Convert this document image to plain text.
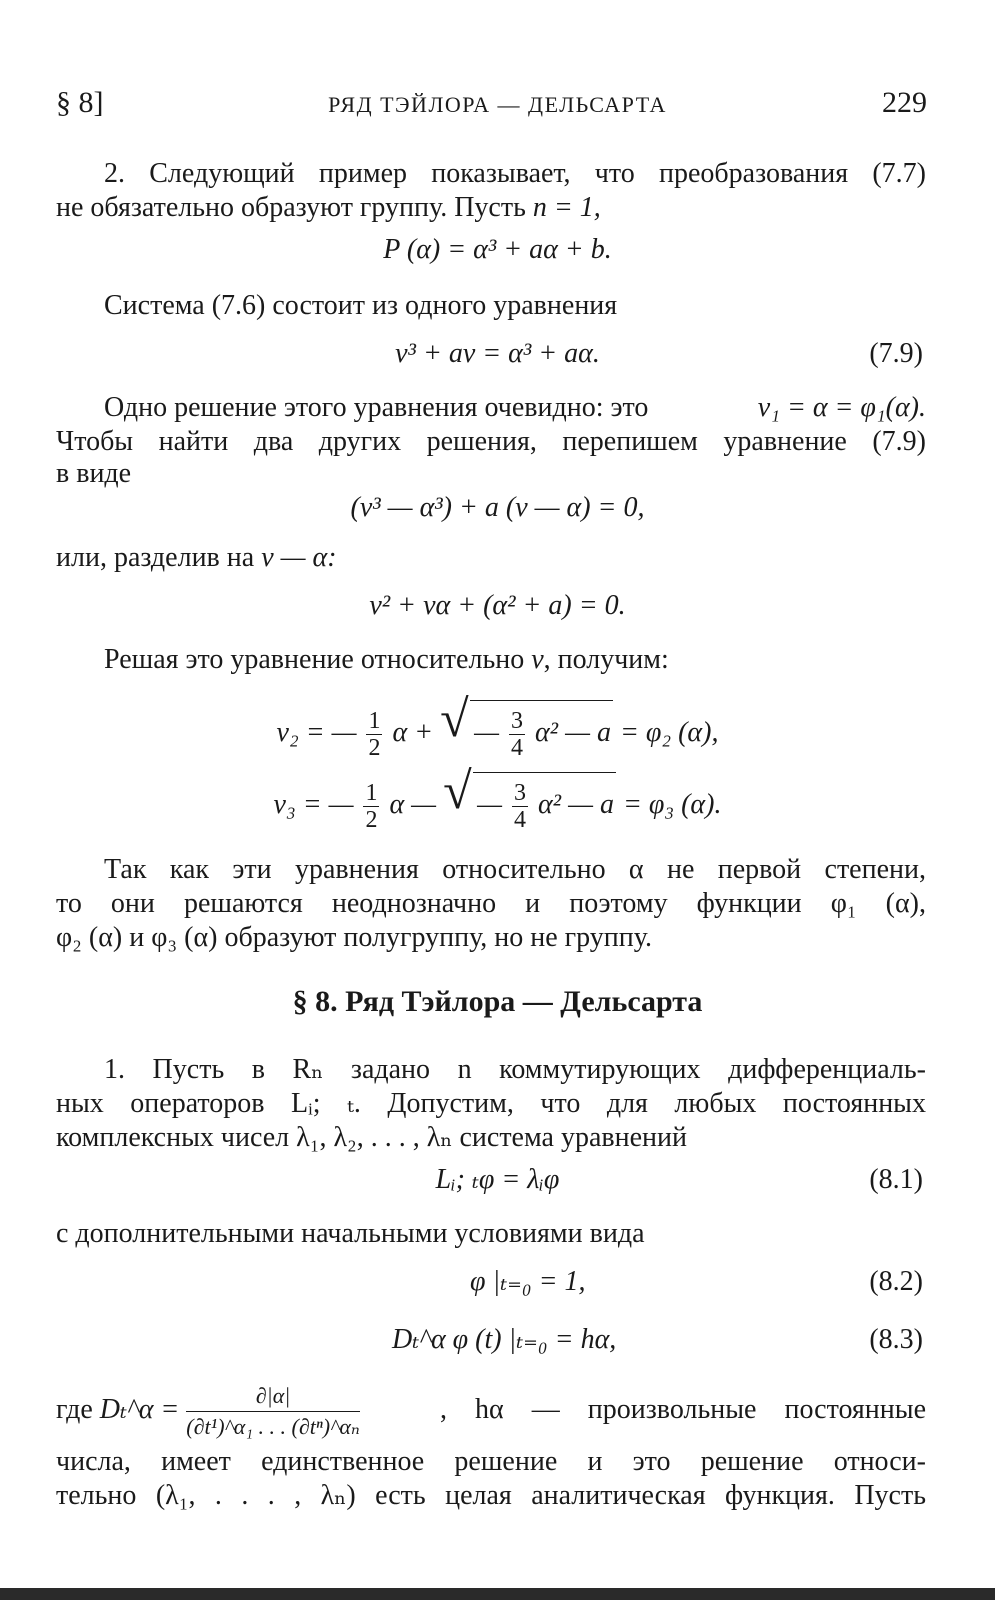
§ 8]	РЯД ТЭЙЛОРА — ДЕЛЬСАРТА	229
2. Следующий пример показывает, что преобразования (7.7)
не обязательно образуют группу. Пусть n = 1,
P (α) = α³ + aα + b.
Система (7.6) состоит из одного уравнения
ν³ + aν = α³ + aα.	(7.9)
Одно решение этого уравнения очевидно: это	ν₁ = α = φ₁(α).
Чтобы найти два других решения, перепишем уравнение (7.9)
в виде
(ν³ — α³) + a (ν — α) = 0,
или, разделив на ν — α:
ν² + να + (α² + a) = 0.
Решая это уравнение относительно ν, получим:
ν₂ = — $\frac{1}{2}$ α + √ — $\frac{3}{4} \alpha^2$ — a = φ₂ (α),
ν₃ = — $\frac{1}{2}$ α — √ — $\frac{3}{4} \alpha^2$ — a = φ₃ (α).
Так как эти уравнения относительно α не первой степени,
то они решаются неоднозначно и поэтому функции φ₁ (α),
φ₂ (α) и φ₃ (α) образуют полугруппу, но не группу.
§ 8. Ряд Тэйлора — Дельсарта
1. Пусть в Rₙ задано n коммутирующих дифференциаль-
ных операторов Lᵢ; ₜ. Допустим, что для любых постоянных
комплексных чисел λ₁, λ₂, . . . , λₙ система уравнений
Lᵢ; ₜφ = λᵢφ	(8.1)
с дополнительными начальными условиями вида
φ |ₜ₌₀ = 1,	(8.2)
Dₜ^α φ (t) |ₜ₌₀ = hα,	(8.3)
где Dₜ^α = $\frac{\partial|\alpha|}{\text{(∂t¹)\textasciicircum{}α₁ . . . (∂tⁿ)\textasciicircum{}αₙ}}$	, hα — произвольные постоянные
числа, имеет единственное решение и это решение относи-
тельно (λ₁, . . . , λₙ) есть целая аналитическая функция. Пусть
